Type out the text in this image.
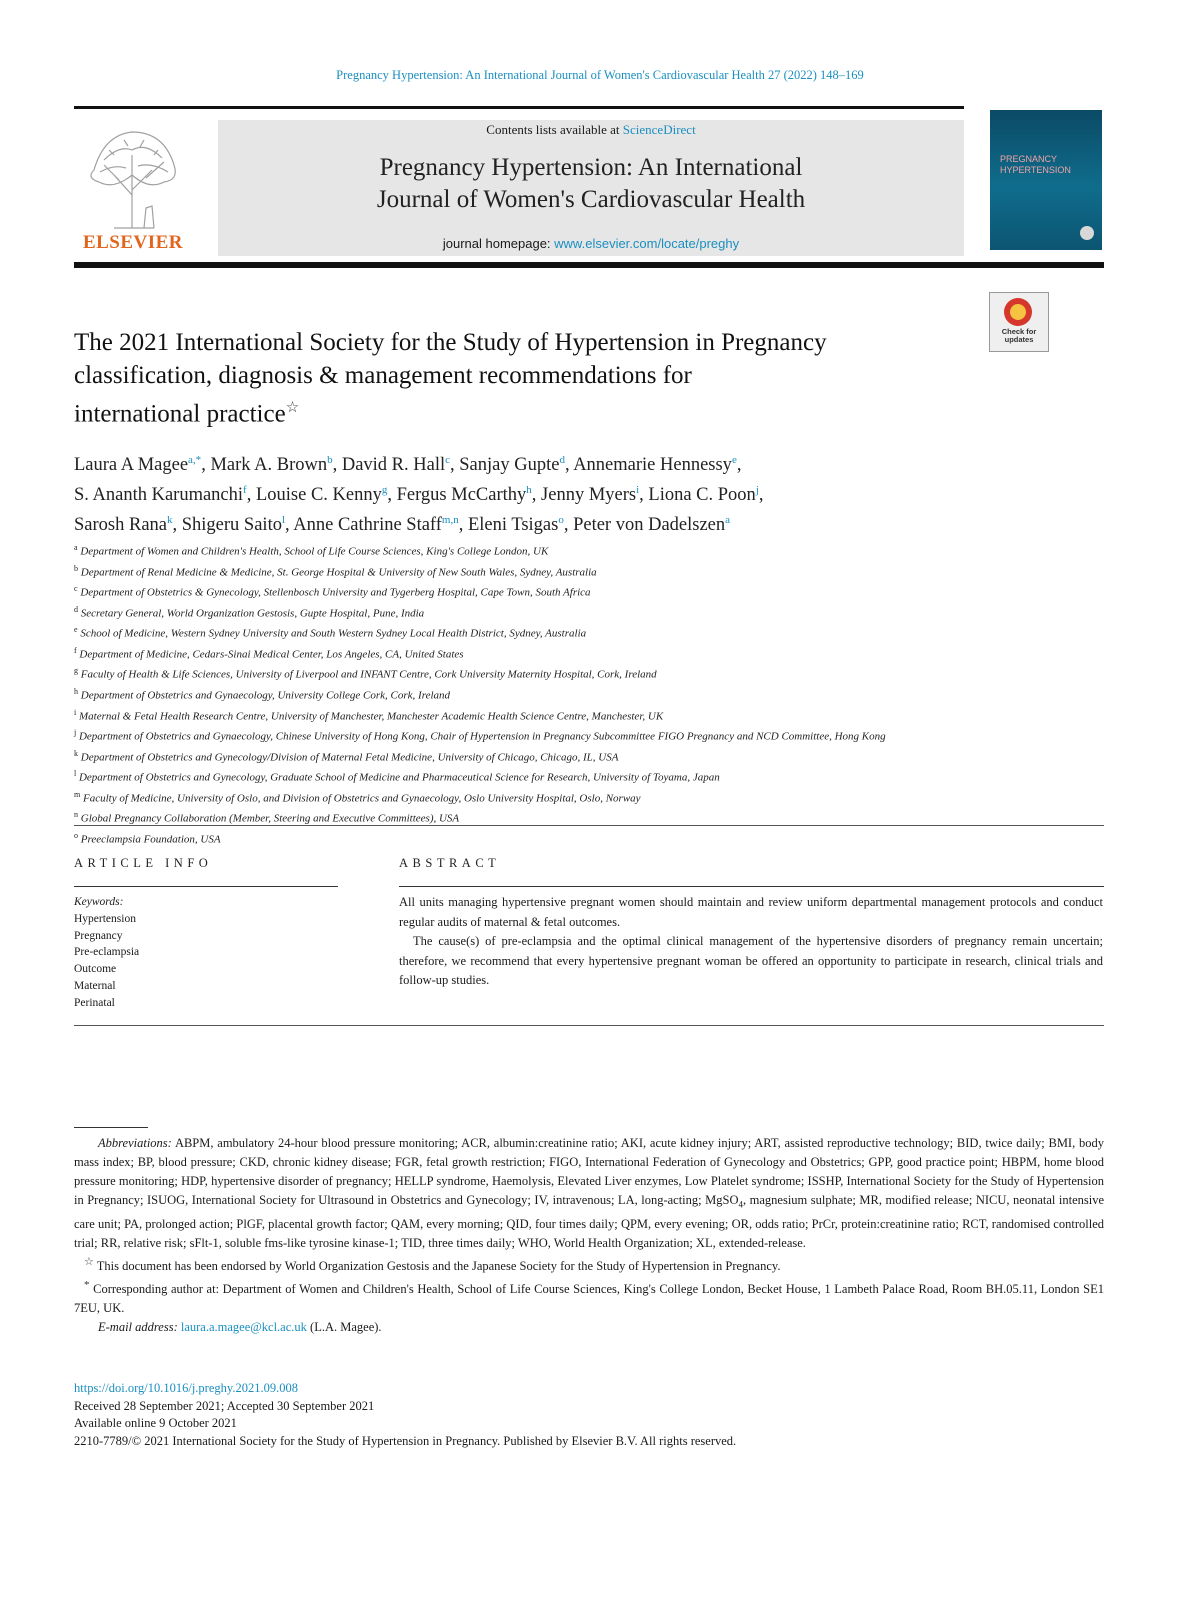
Pregnancy Hypertension: An International Journal of Women's Cardiovascular Health 27 (2022) 148–169
ELSEVIER
Contents lists available at ScienceDirect
Pregnancy Hypertension: An International
Journal of Women's Cardiovascular Health
journal homepage: www.elsevier.com/locate/preghy
PREGNANCY
HYPERTENSION
Check for
updates
The 2021 International Society for the Study of Hypertension in Pregnancy
classification, diagnosis & management recommendations for
international practice☆
Laura A Magee$^{a,*}$, Mark A. Brown$^b$, David R. Hall$^c$, Sanjay Gupte$^d$, Annemarie Hennessy$^e$,
S. Ananth Karumanchi$^f$, Louise C. Kenny$^g$, Fergus McCarthy$^h$, Jenny Myers$^i$, Liona C. Poon$^j$,
Sarosh Rana$^k$, Shigeru Saito$^l$, Anne Cathrine Staff$^{m,n}$, Eleni Tsigas$^o$, Peter von Dadelszen$^a$

$^a$ Department of Women and Children's Health, School of Life Course Sciences, King's College London, UK

$^b$ Department of Renal Medicine & Medicine, St. George Hospital & University of New South Wales, Sydney, Australia

$^c$ Department of Obstetrics & Gynecology, Stellenbosch University and Tygerberg Hospital, Cape Town, South Africa

$^d$ Secretary General, World Organization Gestosis, Gupte Hospital, Pune, India

$^e$ School of Medicine, Western Sydney University and South Western Sydney Local Health District, Sydney, Australia

$^f$ Department of Medicine, Cedars-Sinai Medical Center, Los Angeles, CA, United States

$^g$ Faculty of Health & Life Sciences, University of Liverpool and INFANT Centre, Cork University Maternity Hospital, Cork, Ireland

$^h$ Department of Obstetrics and Gynaecology, University College Cork, Cork, Ireland

$^i$ Maternal & Fetal Health Research Centre, University of Manchester, Manchester Academic Health Science Centre, Manchester, UK

$^j$ Department of Obstetrics and Gynaecology, Chinese University of Hong Kong, Chair of Hypertension in Pregnancy Subcommittee FIGO Pregnancy and NCD Committee, Hong Kong

$^k$ Department of Obstetrics and Gynecology/Division of Maternal Fetal Medicine, University of Chicago, Chicago, IL, USA

$^l$ Department of Obstetrics and Gynecology, Graduate School of Medicine and Pharmaceutical Science for Research, University of Toyama, Japan

$^m$ Faculty of Medicine, University of Oslo, and Division of Obstetrics and Gynaecology, Oslo University Hospital, Oslo, Norway

$^n$ Global Pregnancy Collaboration (Member, Steering and Executive Committees), USA

$^o$ Preeclampsia Foundation, USA

ARTICLE INFO

Keywords:

Hypertension

Pregnancy

Pre-eclampsia

Outcome

Maternal

Perinatal

ABSTRACT

All units managing hypertensive pregnant women should maintain and review uniform departmental management protocols and conduct regular audits of maternal & fetal outcomes.

The cause(s) of pre-eclampsia and the optimal clinical management of the hypertensive disorders of pregnancy remain uncertain; therefore, we recommend that every hypertensive pregnant woman be offered an opportunity to participate in research, clinical trials and follow-up studies.

Abbreviations: ABPM, ambulatory 24-hour blood pressure monitoring; ACR, albumin:creatinine ratio; AKI, acute kidney injury; ART, assisted reproductive technology; BID, twice daily; BMI, body mass index; BP, blood pressure; CKD, chronic kidney disease; FGR, fetal growth restriction; FIGO, International Federation of Gynecology and Obstetrics; GPP, good practice point; HBPM, home blood pressure monitoring; HDP, hypertensive disorder of pregnancy; HELLP syndrome, Haemolysis, Elevated Liver enzymes, Low Platelet syndrome; ISSHP, International Society for the Study of Hypertension in Pregnancy; ISUOG, International Society for Ultrasound in Obstetrics and Gynecology; IV, intravenous; LA, long-acting; MgSO$_4$, magnesium sulphate; MR, modified release; NICU, neonatal intensive care unit; PA, prolonged action; PlGF, placental growth factor; QAM, every morning; QID, four times daily; QPM, every evening; OR, odds ratio; PrCr, protein:creatinine ratio; RCT, randomised controlled trial; RR, relative risk; sFlt-1, soluble fms-like tyrosine kinase-1; TID, three times daily; WHO, World Health Organization; XL, extended-release.

☆ This document has been endorsed by World Organization Gestosis and the Japanese Society for the Study of Hypertension in Pregnancy.

* Corresponding author at: Department of Women and Children's Health, School of Life Course Sciences, King's College London, Becket House, 1 Lambeth Palace Road, Room BH.05.11, London SE1 7EU, UK.

E-mail address: laura.a.magee@kcl.ac.uk (L.A. Magee).

https://doi.org/10.1016/j.preghy.2021.09.008

Received 28 September 2021; Accepted 30 September 2021

Available online 9 October 2021

2210-7789/© 2021 International Society for the Study of Hypertension in Pregnancy. Published by Elsevier B.V. All rights reserved.
